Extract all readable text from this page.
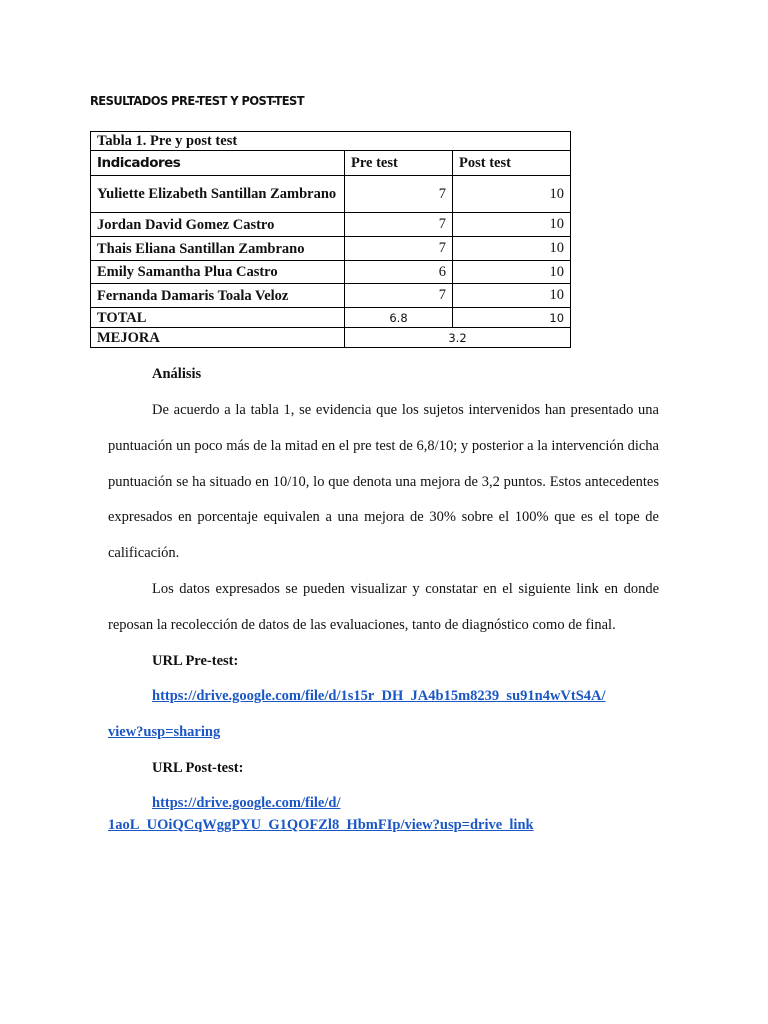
RESULTADOS PRE-TEST Y POST-TEST
Tabla 1. Pre y post test		
Indicadores	Pre test	Post test
Yuliette Elizabeth Santillan Zambrano	7	10
Jordan David Gomez Castro	7	10
Thais Eliana Santillan Zambrano	7	10
Emily Samantha Plua Castro	6	10
Fernanda Damaris Toala Veloz	7	10
TOTAL	6.8	10
MEJORA	3.2	
Análisis
De acuerdo a la tabla 1, se evidencia que los sujetos intervenidos han presentado una puntuación un poco más de la mitad en el pre test de 6,8/10; y posterior a la intervención dicha puntuación se ha situado en 10/10, lo que denota una mejora de 3,2 puntos. Estos antecedentes expresados en porcentaje equivalen a una mejora de 30% sobre el 100% que es el tope de calificación.
Los datos expresados se pueden visualizar y constatar en el siguiente link en donde reposan la recolección de datos de las evaluaciones, tanto de diagnóstico como de final.
URL Pre-test:
https://drive.google.com/file/d/1s15r_DH_JA4b15m8239_su91n4wVtS4A/
view?usp=sharing
URL Post-test:
https://drive.google.com/file/d/
1aoL_UOiQCqWggPYU_G1QOFZl8_HbmFIp/view?usp=drive_link
